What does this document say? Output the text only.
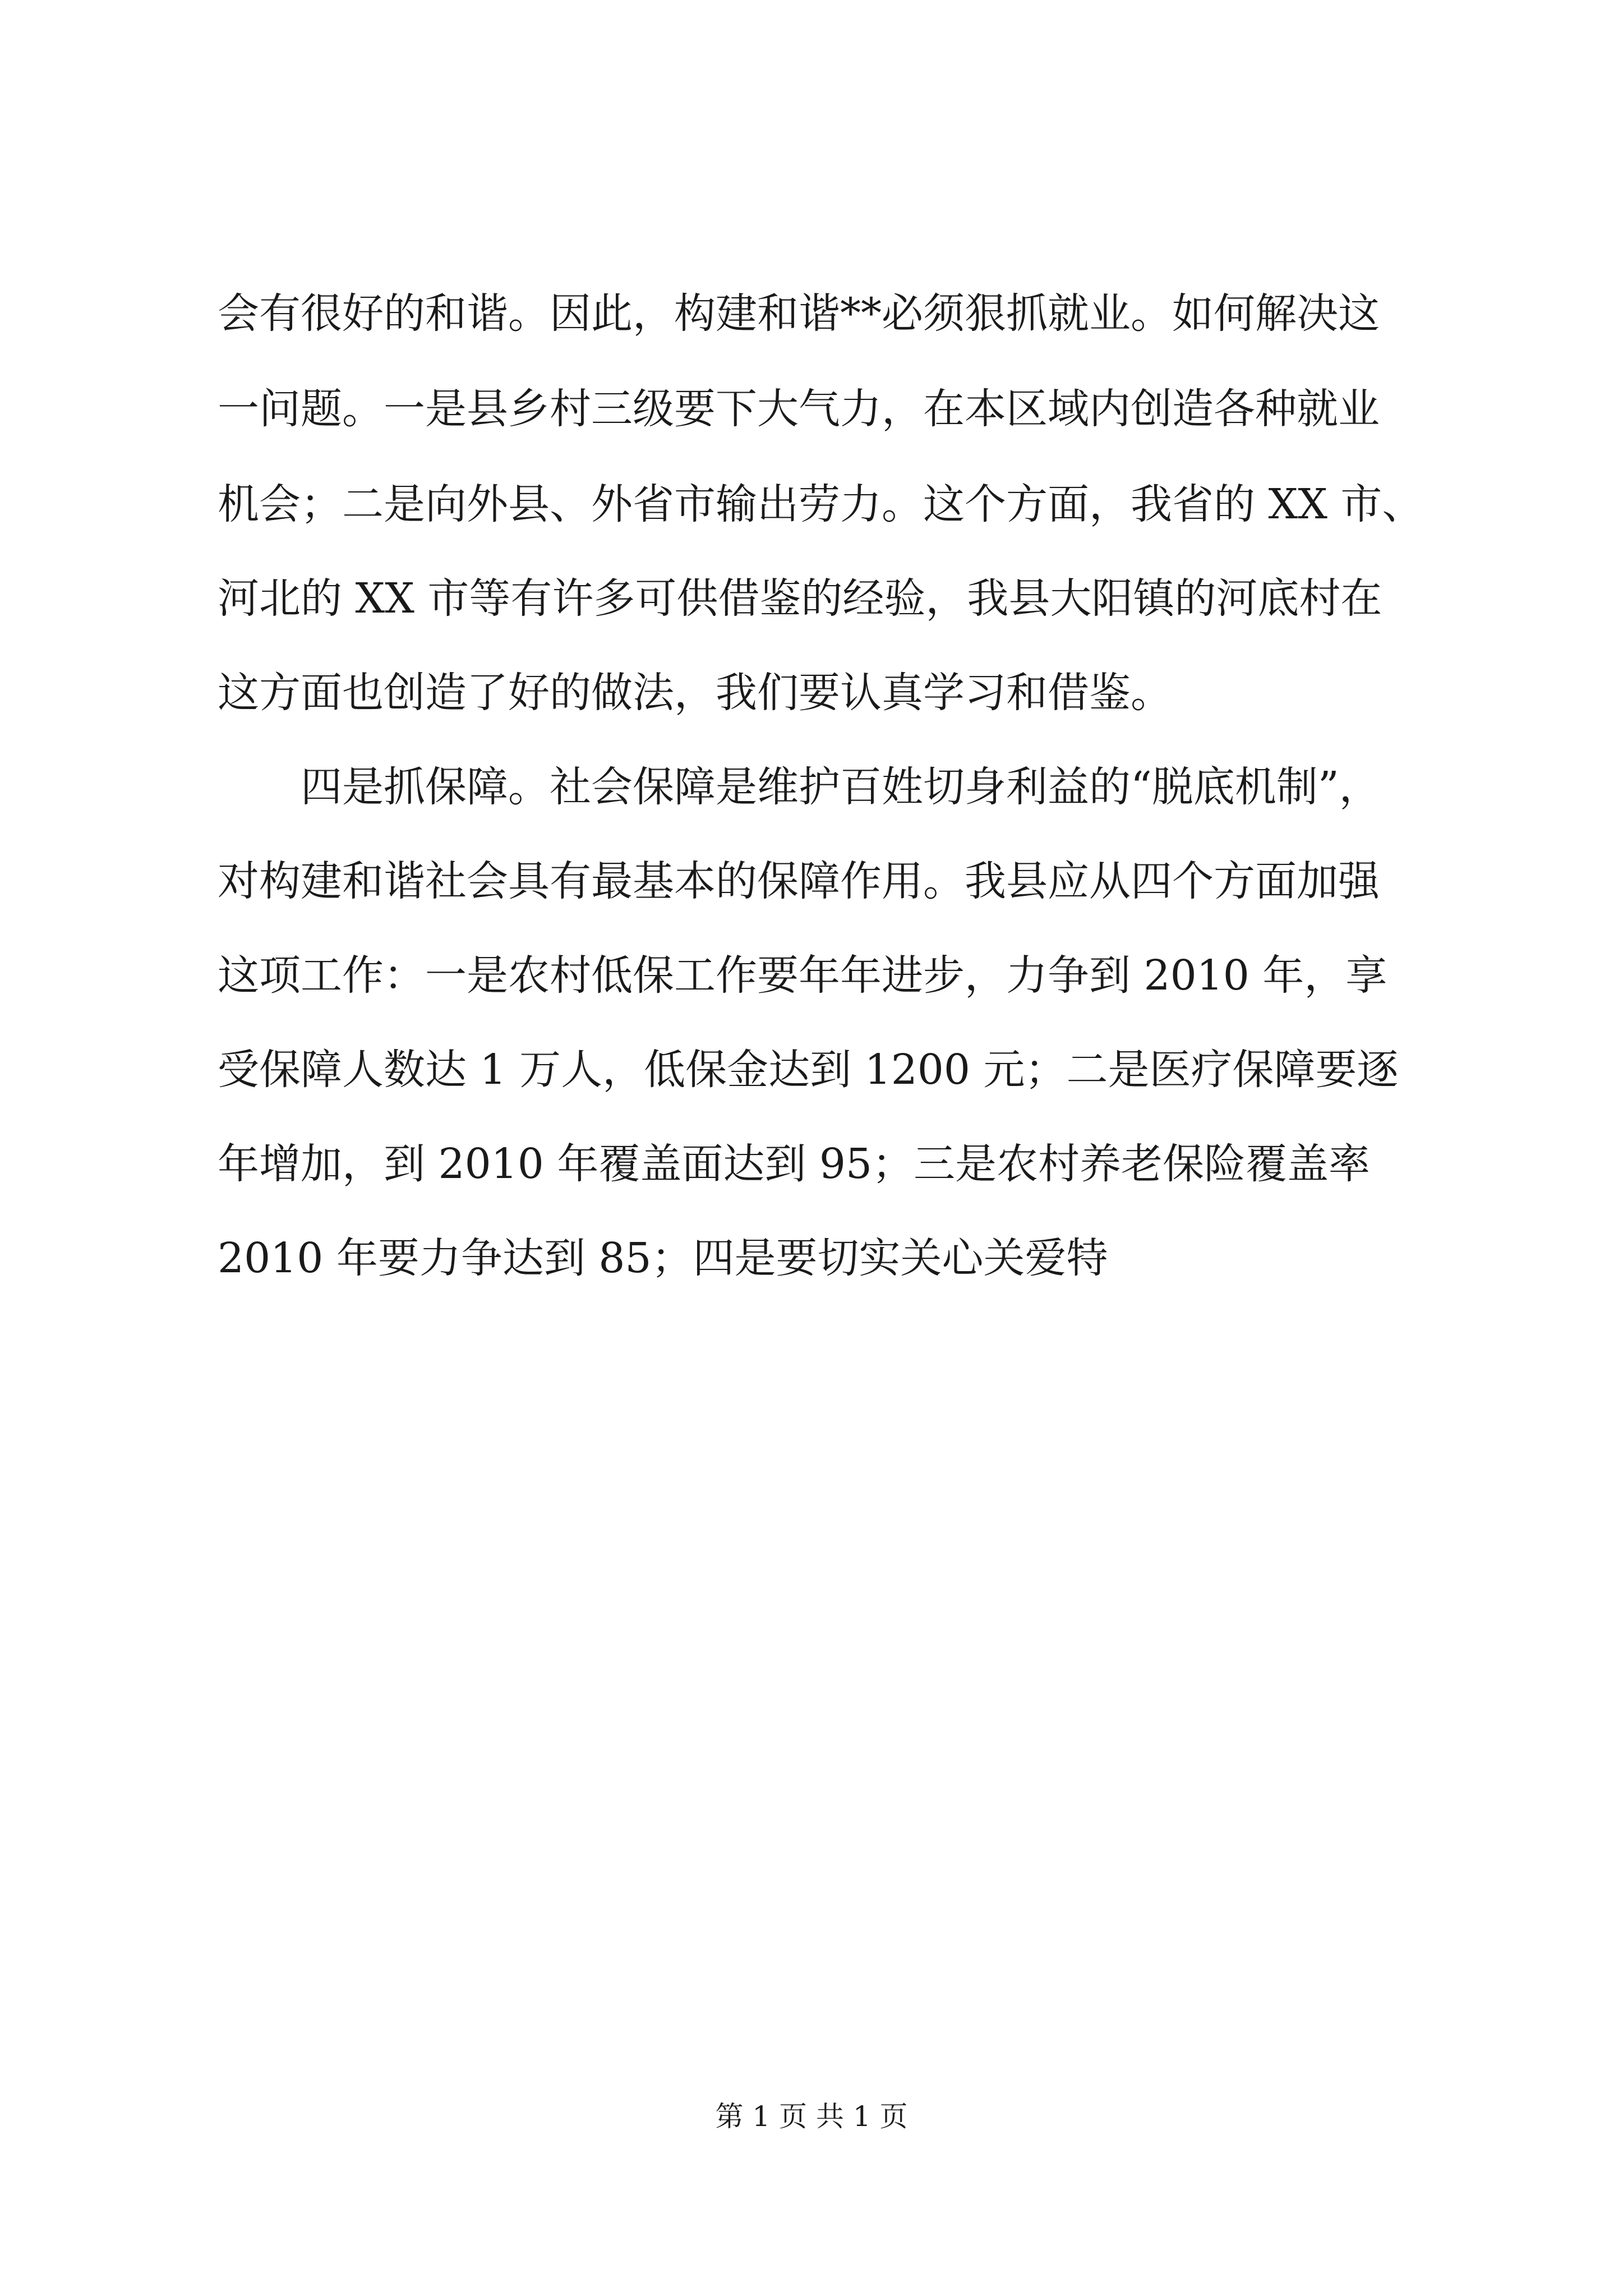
会有很好的和谐。因此，构建和谐**必须狠抓就业。如何解决这
一问题。一是县乡村三级要下大气力，在本区域内创造各种就业
机会；二是向外县、外省市输出劳力。这个方面，我省的 XX 市、
河北的 XX 市等有许多可供借鉴的经验，我县大阳镇的河底村在
这方面也创造了好的做法，我们要认真学习和借鉴。
四是抓保障。社会保障是维护百姓切身利益的“脱底机制”，
对构建和谐社会具有最基本的保障作用。我县应从四个方面加强
这项工作：一是农村低保工作要年年进步，力争到 2010 年，享
受保障人数达 1 万人，低保金达到 1200 元；二是医疗保障要逐
年增加，到 2010 年覆盖面达到 95；三是农村养老保险覆盖率
2010 年要力争达到 85；四是要切实关心关爱特
第 1 页 共 1 页
